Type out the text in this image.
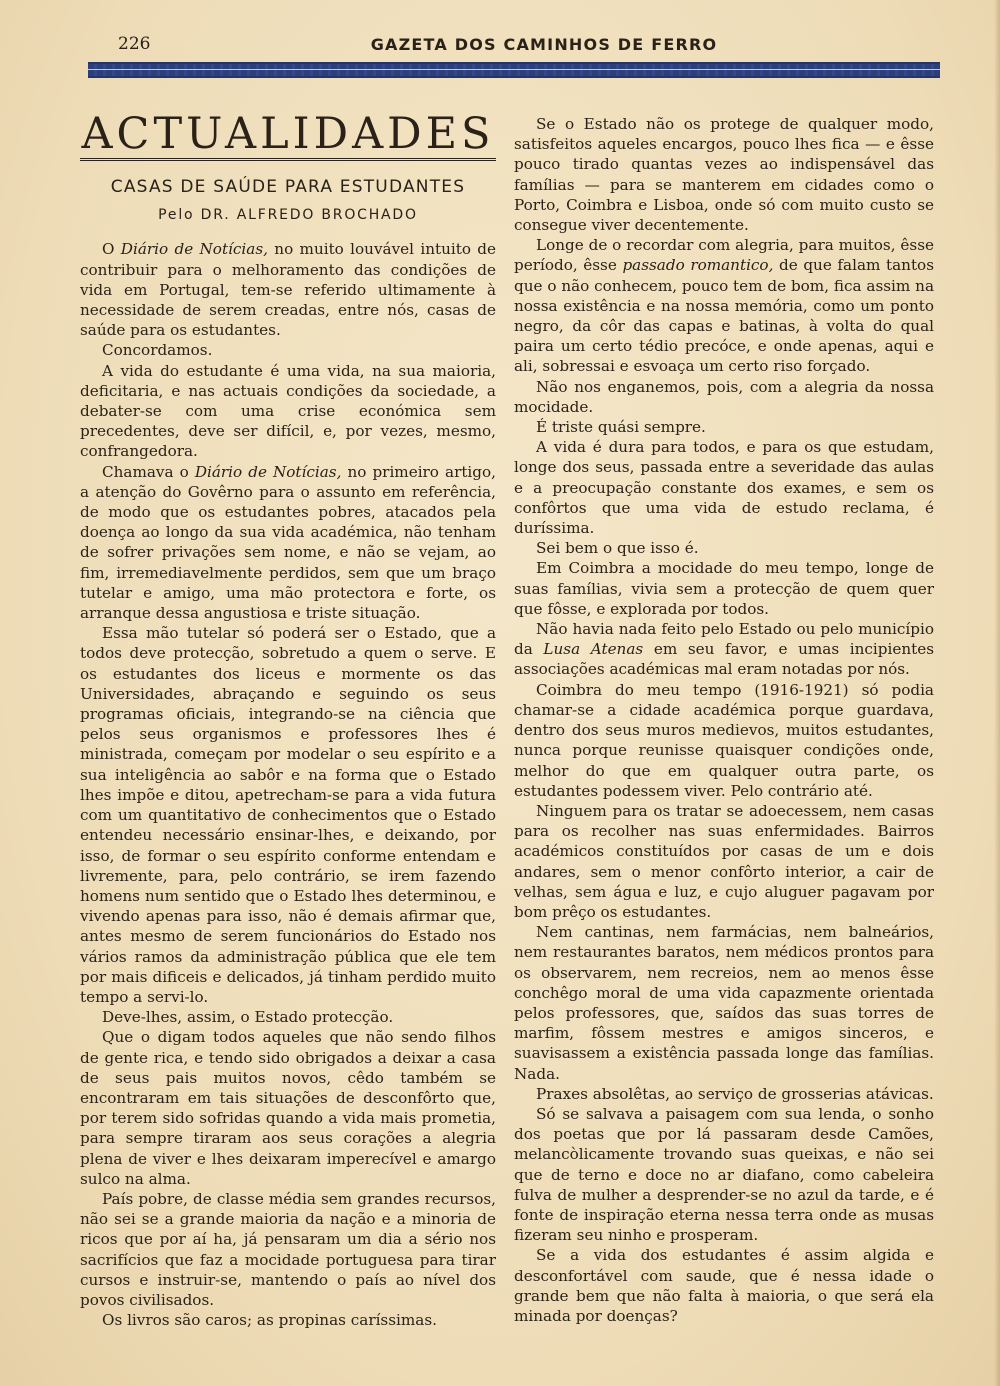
226	GAZETA DOS CAMINHOS DE FERRO
ACTUALIDADES
CASAS DE SAÚDE PARA ESTUDANTES
Pelo DR. ALFREDO BROCHADO

O Diário de Notícias, no muito louvável intuito de contribuir para o melhoramento das condições de vida em Portugal, tem-se referido ultimamente à necessidade de serem creadas, entre nós, casas de saúde para os estudantes.

Concordamos.

A vida do estudante é uma vida, na sua maioria, deficitaria, e nas actuais condições da sociedade, a debater-se com uma crise económica sem precedentes, deve ser difícil, e, por vezes, mesmo, confrangedora.

Chamava o Diário de Notícias, no primeiro artigo, a atenção do Govêrno para o assunto em referência, de modo que os estudantes pobres, atacados pela doença ao longo da sua vida académica, não tenham de sofrer privações sem nome, e não se vejam, ao fim, irremediavelmente perdidos, sem que um braço tutelar e amigo, uma mão protectora e forte, os arranque dessa angustiosa e triste situação.

Essa mão tutelar só poderá ser o Estado, que a todos deve protecção, sobretudo a quem o serve. E os estudantes dos liceus e mormente os das Universidades, abraçando e seguindo os seus programas oficiais, integrando-se na ciência que pelos seus organismos e professores lhes é ministrada, começam por modelar o seu espírito e a sua inteligência ao sabôr e na forma que o Estado lhes impõe e ditou, apetrecham-se para a vida futura com um quantitativo de conhecimentos que o Estado entendeu necessário ensinar-lhes, e deixando, por isso, de formar o seu espírito conforme entendam e livremente, para, pelo contrário, se irem fazendo homens num sentido que o Estado lhes determinou, e vivendo apenas para isso, não é demais afirmar que, antes mesmo de serem funcionários do Estado nos vários ramos da administração pública que ele tem por mais dificeis e delicados, já tinham perdido muito tempo a servi-lo.

Deve-lhes, assim, o Estado protecção.

Que o digam todos aqueles que não sendo filhos de gente rica, e tendo sido obrigados a deixar a casa de seus pais muitos novos, cêdo também se encontraram em tais situações de desconfôrto que, por terem sido sofridas quando a vida mais prometia, para sempre tiraram aos seus corações a alegria plena de viver e lhes deixaram imperecível e amargo sulco na alma.

País pobre, de classe média sem grandes recursos, não sei se a grande maioria da nação e a minoria de ricos que por aí ha, já pensaram um dia a sério nos sacrifícios que faz a mocidade portuguesa para tirar cursos e instruir-se, mantendo o país ao nível dos povos civilisados.

Os livros são caros; as propinas caríssimas.

Se o Estado não os protege de qualquer modo, satisfeitos aqueles encargos, pouco lhes fica — e êsse pouco tirado quantas vezes ao indispensável das famílias — para se manterem em cidades como o Porto, Coimbra e Lisboa, onde só com muito custo se consegue viver decentemente.

Longe de o recordar com alegria, para muitos, êsse período, êsse passado romantico, de que falam tantos que o não conhecem, pouco tem de bom, fica assim na nossa existência e na nossa memória, como um ponto negro, da côr das capas e batinas, à volta do qual paira um certo tédio precóce, e onde apenas, aqui e ali, sobressai e esvoaça um certo riso forçado.

Não nos enganemos, pois, com a alegria da nossa mocidade.

É triste quási sempre.

A vida é dura para todos, e para os que estudam, longe dos seus, passada entre a severidade das aulas e a preocupação constante dos exames, e sem os confôrtos que uma vida de estudo reclama, é duríssima.

Sei bem o que isso é.

Em Coimbra a mocidade do meu tempo, longe de suas famílias, vivia sem a protecção de quem quer que fôsse, e explorada por todos.

Não havia nada feito pelo Estado ou pelo município da Lusa Atenas em seu favor, e umas incipientes associações académicas mal eram notadas por nós.

Coimbra do meu tempo (1916-1921) só podia chamar-se a cidade académica porque guardava, dentro dos seus muros medievos, muitos estudantes, nunca porque reunisse quaisquer condições onde, melhor do que em qualquer outra parte, os estudantes podessem viver. Pelo contrário até.

Ninguem para os tratar se adoecessem, nem casas para os recolher nas suas enfermidades. Bairros académicos constituídos por casas de um e dois andares, sem o menor confôrto interior, a cair de velhas, sem água e luz, e cujo aluguer pagavam por bom prêço os estudantes.

Nem cantinas, nem farmácias, nem balneários, nem restaurantes baratos, nem médicos prontos para os observarem, nem recreios, nem ao menos êsse conchêgo moral de uma vida capazmente orientada pelos professores, que, saídos das suas torres de marfim, fôssem mestres e amigos sinceros, e suavisassem a existência passada longe das famílias. Nada.

Praxes absolêtas, ao serviço de grosserias atávicas.

Só se salvava a paisagem com sua lenda, o sonho dos poetas que por lá passaram desde Camões, melancòlicamente trovando suas queixas, e não sei que de terno e doce no ar diafano, como cabeleira fulva de mulher a desprender-se no azul da tarde, e é fonte de inspiração eterna nessa terra onde as musas fizeram seu ninho e prosperam.

Se a vida dos estudantes é assim algida e desconfortável com saude, que é nessa idade o grande bem que não falta à maioria, o que será ela minada por doenças?
